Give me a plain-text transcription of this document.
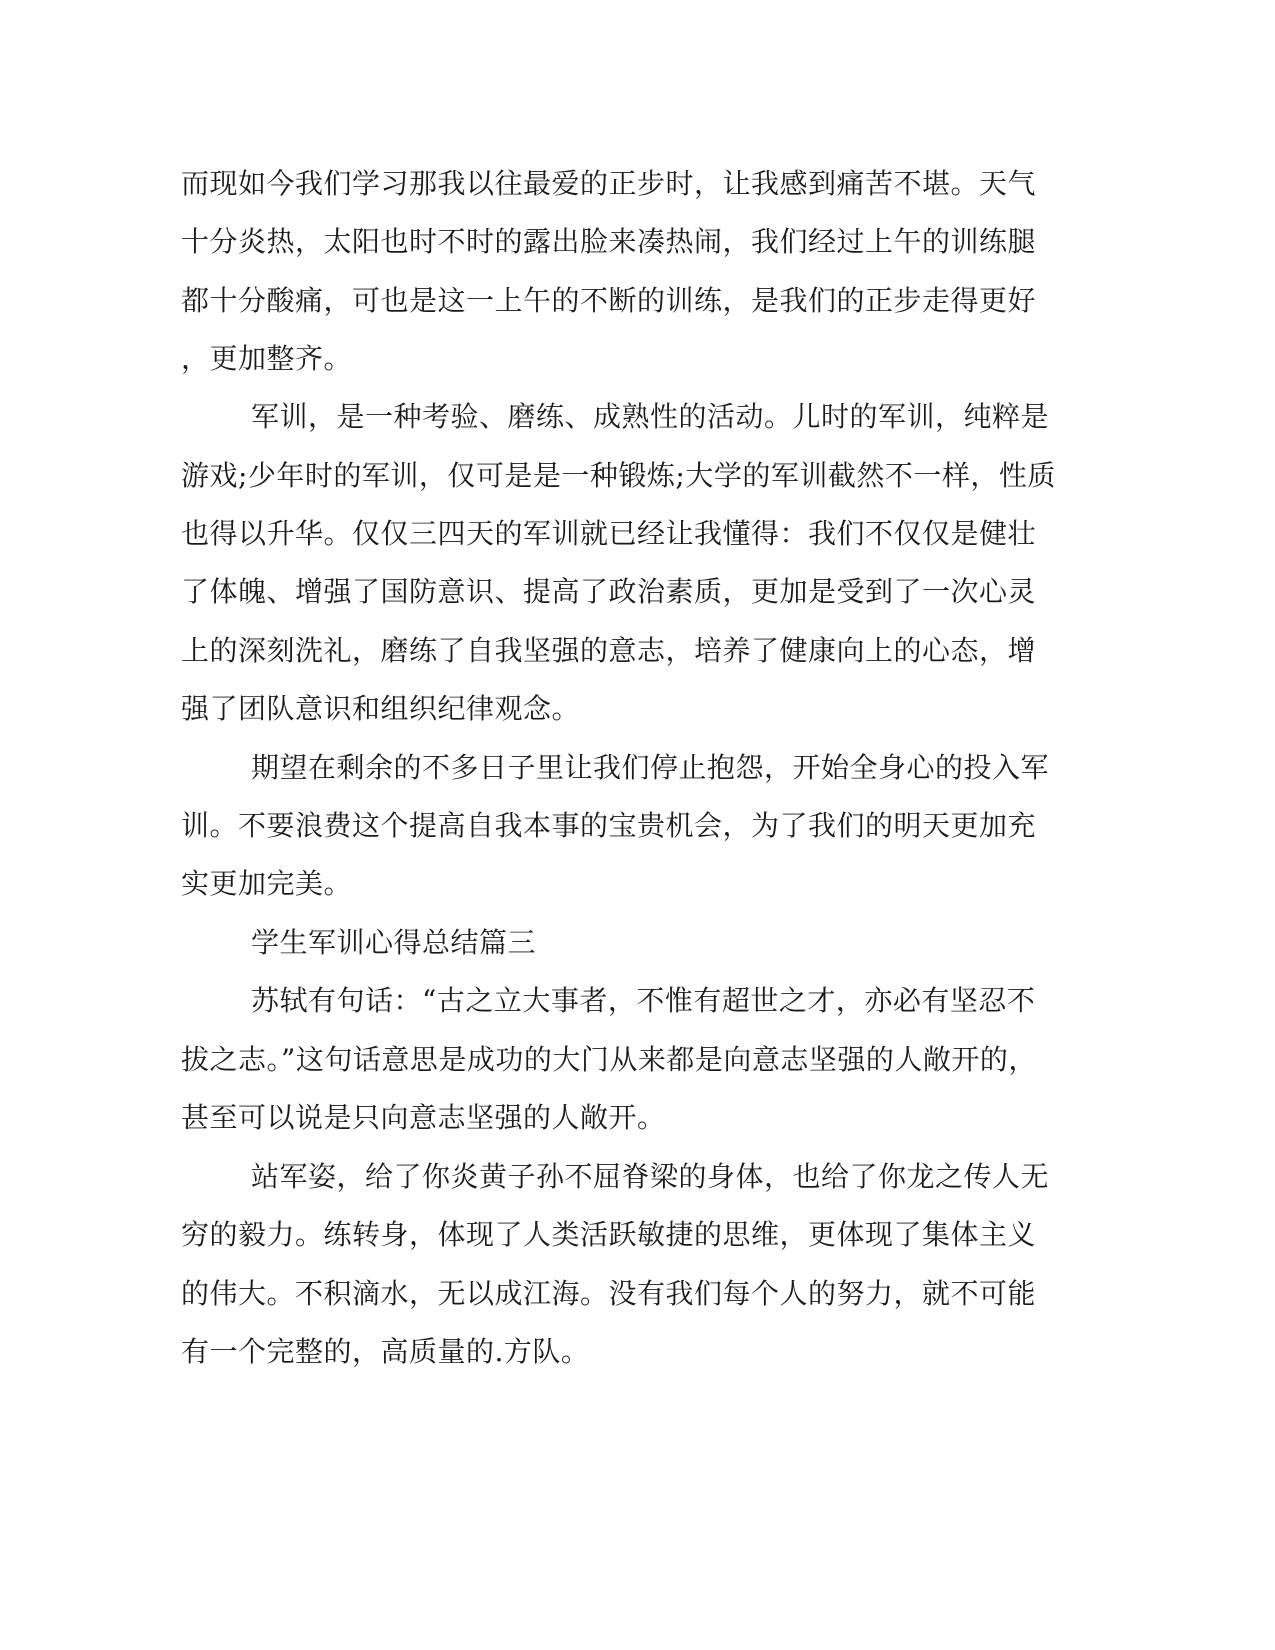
而现如今我们学习那我以往最爱的正步时，让我感到痛苦不堪。天气
十分炎热，太阳也时不时的露出脸来凑热闹，我们经过上午的训练腿
都十分酸痛，可也是这一上午的不断的训练，是我们的正步走得更好
，更加整齐。
军训，是一种考验、磨练、成熟性的活动。儿时的军训，纯粹是
游戏;少年时的军训，仅可是是一种锻炼;大学的军训截然不一样，性质
也得以升华。仅仅三四天的军训就已经让我懂得：我们不仅仅是健壮
了体魄、增强了国防意识、提高了政治素质，更加是受到了一次心灵
上的深刻洗礼，磨练了自我坚强的意志，培养了健康向上的心态，增
强了团队意识和组织纪律观念。
期望在剩余的不多日子里让我们停止抱怨，开始全身心的投入军
训。不要浪费这个提高自我本事的宝贵机会，为了我们的明天更加充
实更加完美。
学生军训心得总结篇三
苏轼有句话：“古之立大事者，不惟有超世之才，亦必有坚忍不
拔之志。”这句话意思是成功的大门从来都是向意志坚强的人敞开的，
甚至可以说是只向意志坚强的人敞开。
站军姿，给了你炎黄子孙不屈脊梁的身体，也给了你龙之传人无
穷的毅力。练转身，体现了人类活跃敏捷的思维，更体现了集体主义
的伟大。不积滴水，无以成江海。没有我们每个人的努力，就不可能
有一个完整的，高质量的.方队。
